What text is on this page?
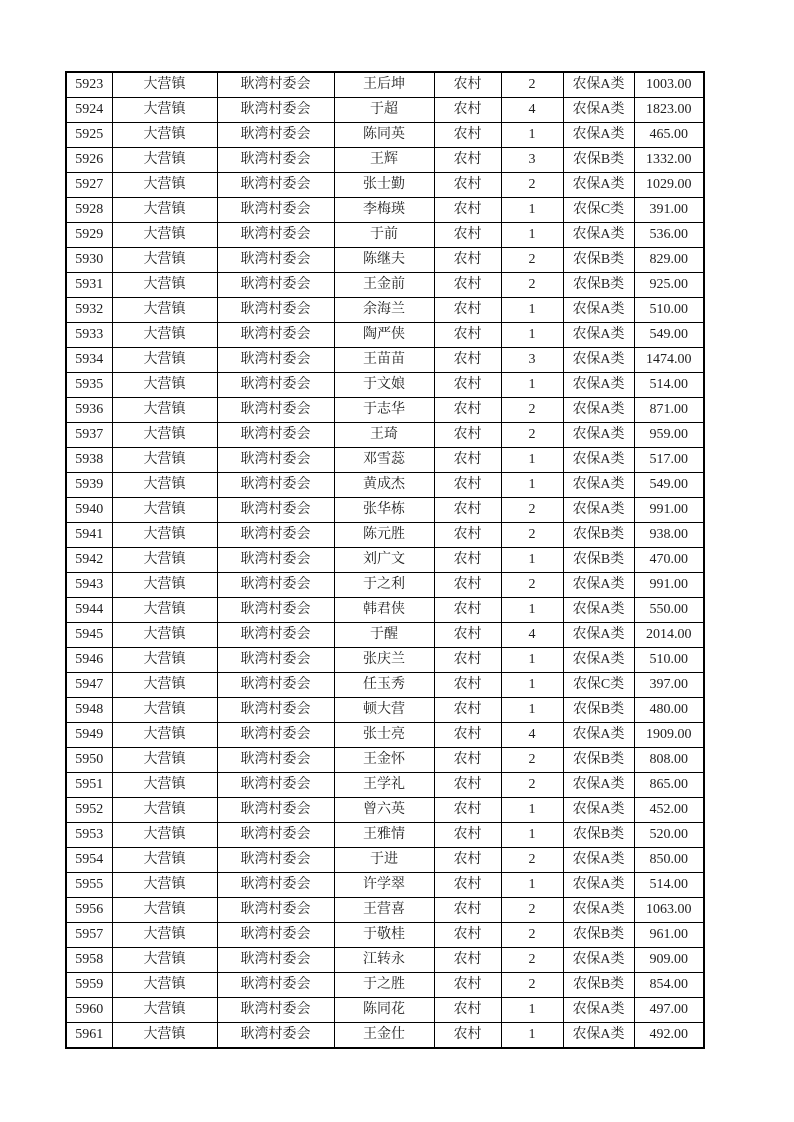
5923	大营镇	耿湾村委会	王后坤	农村	2	农保A类	1003.00
5924	大营镇	耿湾村委会	于超	农村	4	农保A类	1823.00
5925	大营镇	耿湾村委会	陈同英	农村	1	农保A类	465.00
5926	大营镇	耿湾村委会	王辉	农村	3	农保B类	1332.00
5927	大营镇	耿湾村委会	张士勤	农村	2	农保A类	1029.00
5928	大营镇	耿湾村委会	李梅瑛	农村	1	农保C类	391.00
5929	大营镇	耿湾村委会	于前	农村	1	农保A类	536.00
5930	大营镇	耿湾村委会	陈继夫	农村	2	农保B类	829.00
5931	大营镇	耿湾村委会	王金前	农村	2	农保B类	925.00
5932	大营镇	耿湾村委会	余海兰	农村	1	农保A类	510.00
5933	大营镇	耿湾村委会	陶严侠	农村	1	农保A类	549.00
5934	大营镇	耿湾村委会	王苗苗	农村	3	农保A类	1474.00
5935	大营镇	耿湾村委会	于文娘	农村	1	农保A类	514.00
5936	大营镇	耿湾村委会	于志华	农村	2	农保A类	871.00
5937	大营镇	耿湾村委会	王琦	农村	2	农保A类	959.00
5938	大营镇	耿湾村委会	邓雪蕊	农村	1	农保A类	517.00
5939	大营镇	耿湾村委会	黄成杰	农村	1	农保A类	549.00
5940	大营镇	耿湾村委会	张华栋	农村	2	农保A类	991.00
5941	大营镇	耿湾村委会	陈元胜	农村	2	农保B类	938.00
5942	大营镇	耿湾村委会	刘广文	农村	1	农保B类	470.00
5943	大营镇	耿湾村委会	于之利	农村	2	农保A类	991.00
5944	大营镇	耿湾村委会	韩君侠	农村	1	农保A类	550.00
5945	大营镇	耿湾村委会	于醒	农村	4	农保A类	2014.00
5946	大营镇	耿湾村委会	张庆兰	农村	1	农保A类	510.00
5947	大营镇	耿湾村委会	任玉秀	农村	1	农保C类	397.00
5948	大营镇	耿湾村委会	顿大营	农村	1	农保B类	480.00
5949	大营镇	耿湾村委会	张士亮	农村	4	农保A类	1909.00
5950	大营镇	耿湾村委会	王金怀	农村	2	农保B类	808.00
5951	大营镇	耿湾村委会	王学礼	农村	2	农保A类	865.00
5952	大营镇	耿湾村委会	曾六英	农村	1	农保A类	452.00
5953	大营镇	耿湾村委会	王雅情	农村	1	农保B类	520.00
5954	大营镇	耿湾村委会	于进	农村	2	农保A类	850.00
5955	大营镇	耿湾村委会	许学翠	农村	1	农保A类	514.00
5956	大营镇	耿湾村委会	王营喜	农村	2	农保A类	1063.00
5957	大营镇	耿湾村委会	于敬桂	农村	2	农保B类	961.00
5958	大营镇	耿湾村委会	江转永	农村	2	农保A类	909.00
5959	大营镇	耿湾村委会	于之胜	农村	2	农保B类	854.00
5960	大营镇	耿湾村委会	陈同花	农村	1	农保A类	497.00
5961	大营镇	耿湾村委会	王金仕	农村	1	农保A类	492.00
